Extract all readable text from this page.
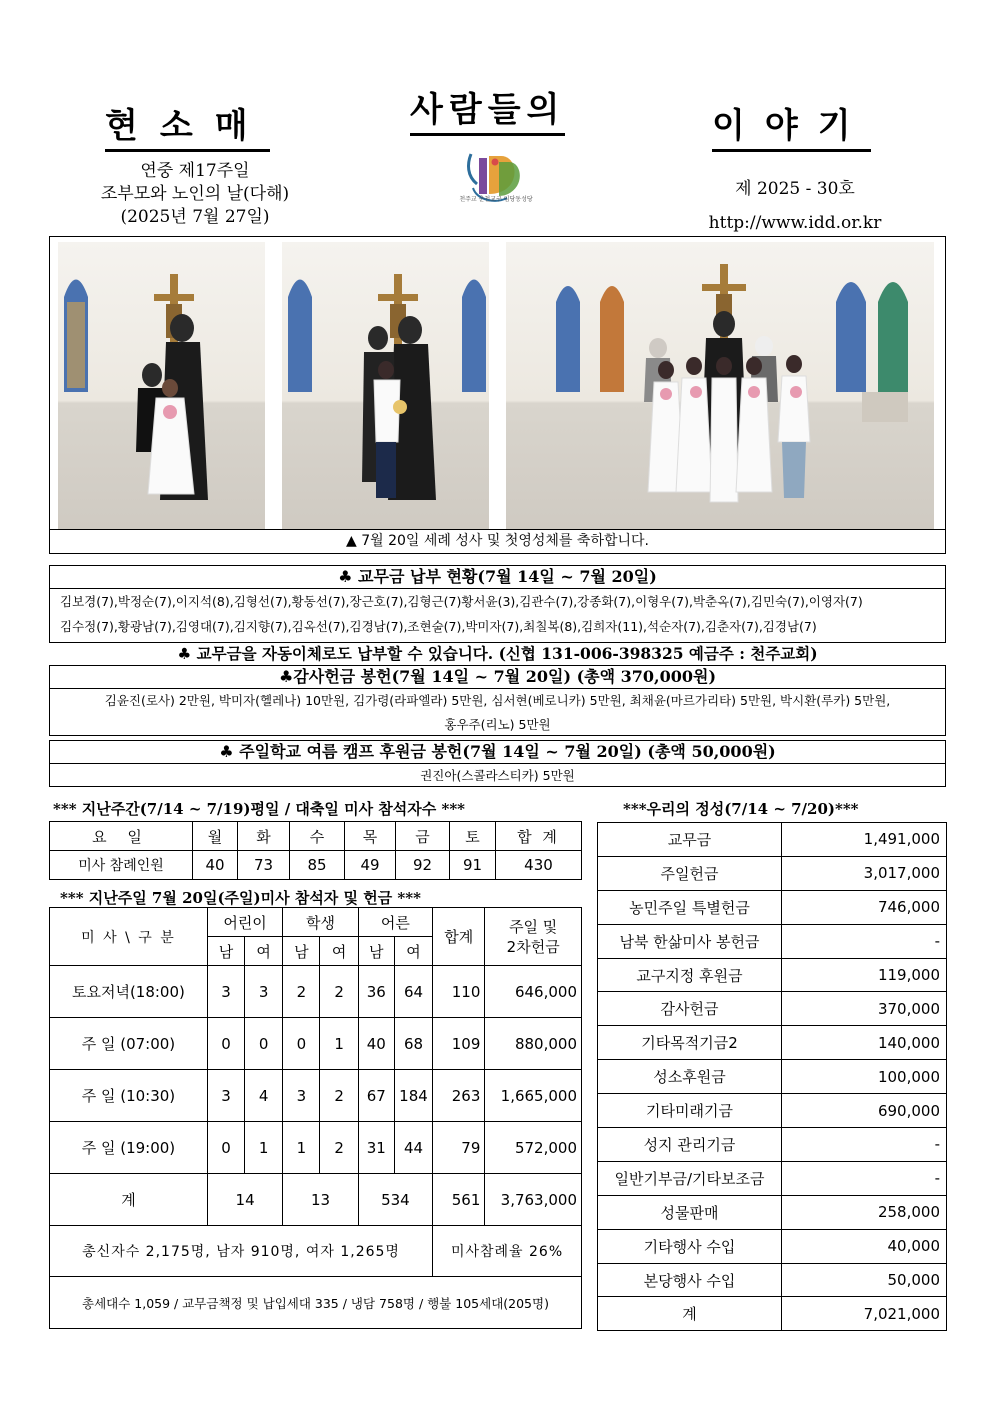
현소매	사람들의	이야기
연중 제17주일
조부모와 노인의 날(다해)
(2025년 7월 27일)
천주교 춘천교구 임당동성당
제 2025 - 30호
http://www.idd.or.kr
▲ 7월 20일 세례 성사 및 첫영성체를 축하합니다.
♣ 교무금 납부 현황(7월 14일 ~ 7월 20일)
김보경(7),박정순(7),이지석(8),김형선(7),황동선(7),장근호(7),김형근(7)황서윤(3),김관수(7),강종화(7),이형우(7),박춘옥(7),김민숙(7),이영자(7)
김수정(7),황광남(7),김영대(7),김지향(7),김옥선(7),김경남(7),조현술(7),박미자(7),최칠복(8),김희자(11),석순자(7),김춘자(7),김경남(7)
♣ 교무금을 자동이체로도 납부할 수 있습니다. (신협 131-006-398325 예금주 : 천주교회)
♣감사헌금 봉헌(7월 14일 ~ 7월 20일) (총액 370,000원)
김윤진(로사) 2만원, 박미자(헬레나) 10만원, 김가령(라파엘라) 5만원, 심서현(베로니카) 5만원, 최채윤(마르가리타) 5만원, 박시환(루카) 5만원,
홍우주(리노) 5만원
♣ 주일학교 여름 캠프 후원금 봉헌(7월 14일 ~ 7월 20일) (총액 50,000원)
권진아(스콜라스티카) 5만원
*** 지난주간(7/14 ~ 7/19)평일 / 대축일 미사 참석자수 ***
요 일	월	화	수	목	금	토	합 계
미사 참례인원	40	73	85	49	92	91	430
*** 지난주일 7월 20일(주일)미사 참석자 및 헌금 ***
미 사 \ 구 분	어린이		학생		어른		합계	주일 및
2차헌금

	남	여	남	여	남	여		
토요저녁(18:00)	3	3	2	2	36	64	110	646,000
주 일 (07:00)	0	0	0	1	40	68	109	880,000
주 일 (10:30)	3	4	3	2	67	184	263	1,665,000
주 일 (19:00)	0	1	1	2	31	44	79	572,000
계	14		13		534		561	3,763,000
총신자수 2,175명, 남자 910명, 여자 1,265명							미사참례율 26%	
총세대수 1,059 / 교무금책정 및 납입세대 335 / 냉담 758명 / 행불 105세대(205명)								
***우리의 정성(7/14 ~ 7/20)***
교무금	1,491,000
주일헌금	3,017,000
농민주일 특별헌금	746,000
남북 한삶미사 봉헌금	-
교구지정 후원금	119,000
감사헌금	370,000
기타목적기금2	140,000
성소후원금	100,000
기타미래기금	690,000
성지 관리기금	-
일반기부금/기타보조금	-
성물판매	258,000
기타행사 수입	40,000
본당행사 수입	50,000
계	7,021,000
